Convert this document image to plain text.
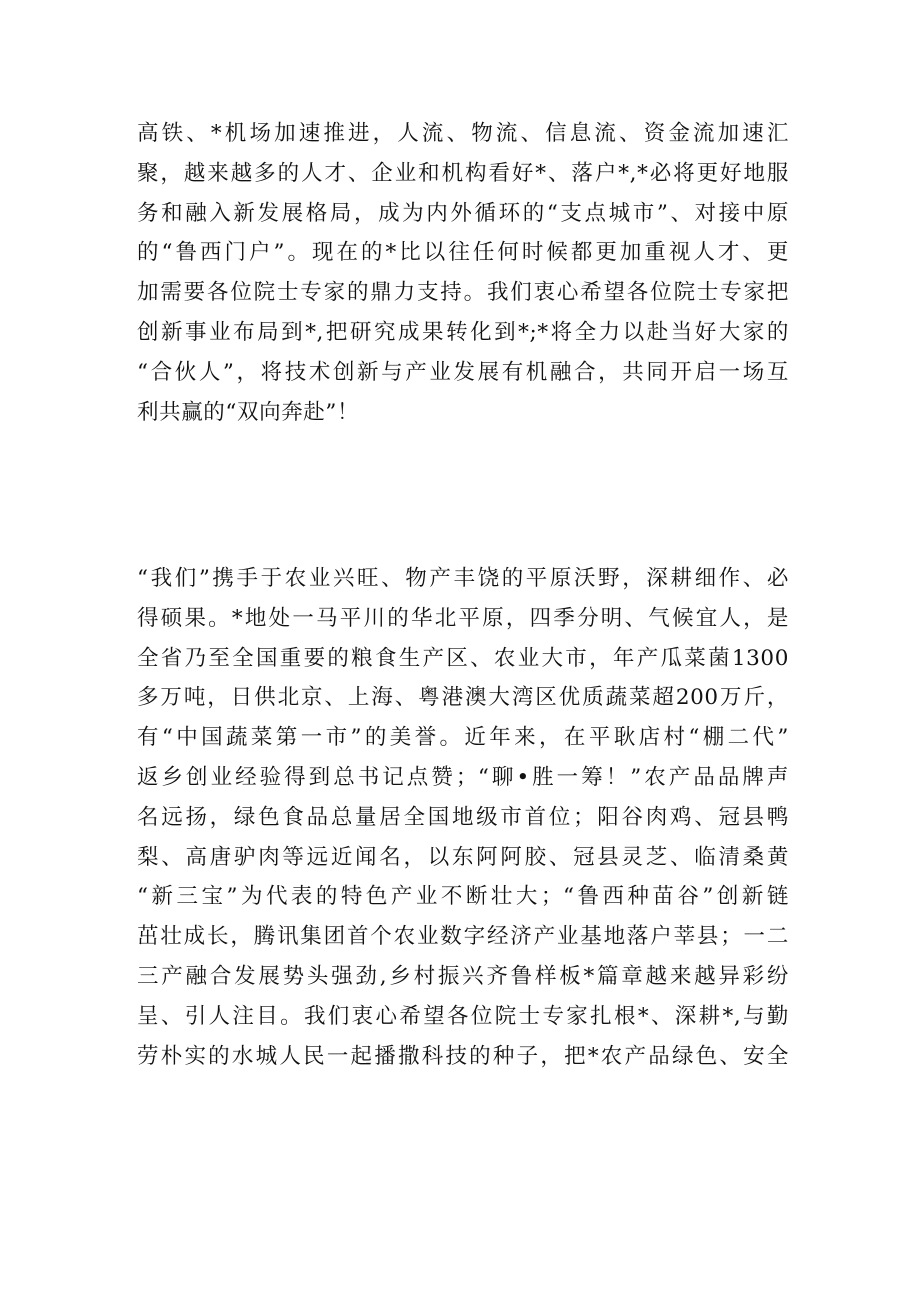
高铁、*机场加速推进，人流、物流、信息流、资金流加速汇
聚，越来越多的人才、企业和机构看好*、落户*,*必将更好地服
务和融入新发展格局，成为内外循环的“支点城市”、对接中原
的“鲁西门户”。现在的*比以往任何时候都更加重视人才、更
加需要各位院士专家的鼎力支持。我们衷心希望各位院士专家把
创新事业布局到*,把研究成果转化到*;*将全力以赴当好大家的
“合伙人”，将技术创新与产业发展有机融合，共同开启一场互
利共赢的“双向奔赴”！
“我们”携手于农业兴旺、物产丰饶的平原沃野，深耕细作、必
得硕果。*地处一马平川的华北平原，四季分明、气候宜人，是
全省乃至全国重要的粮食生产区、农业大市，年产瓜菜菌1300
多万吨，日供北京、上海、粤港澳大湾区优质蔬菜超200万斤，
有“中国蔬菜第一市”的美誉。近年来，在平耿店村“棚二代”
返乡创业经验得到总书记点赞；“聊•胜一筹！”农产品品牌声
名远扬，绿色食品总量居全国地级市首位；阳谷肉鸡、冠县鸭
梨、高唐驴肉等远近闻名，以东阿阿胶、冠县灵芝、临清桑黄
“新三宝”为代表的特色产业不断壮大；“鲁西种苗谷”创新链
茁壮成长，腾讯集团首个农业数字经济产业基地落户莘县；一二
三产融合发展势头强劲,乡村振兴齐鲁样板*篇章越来越异彩纷
呈、引人注目。我们衷心希望各位院士专家扎根*、深耕*,与勤
劳朴实的水城人民一起播撒科技的种子，把*农产品绿色、安全
